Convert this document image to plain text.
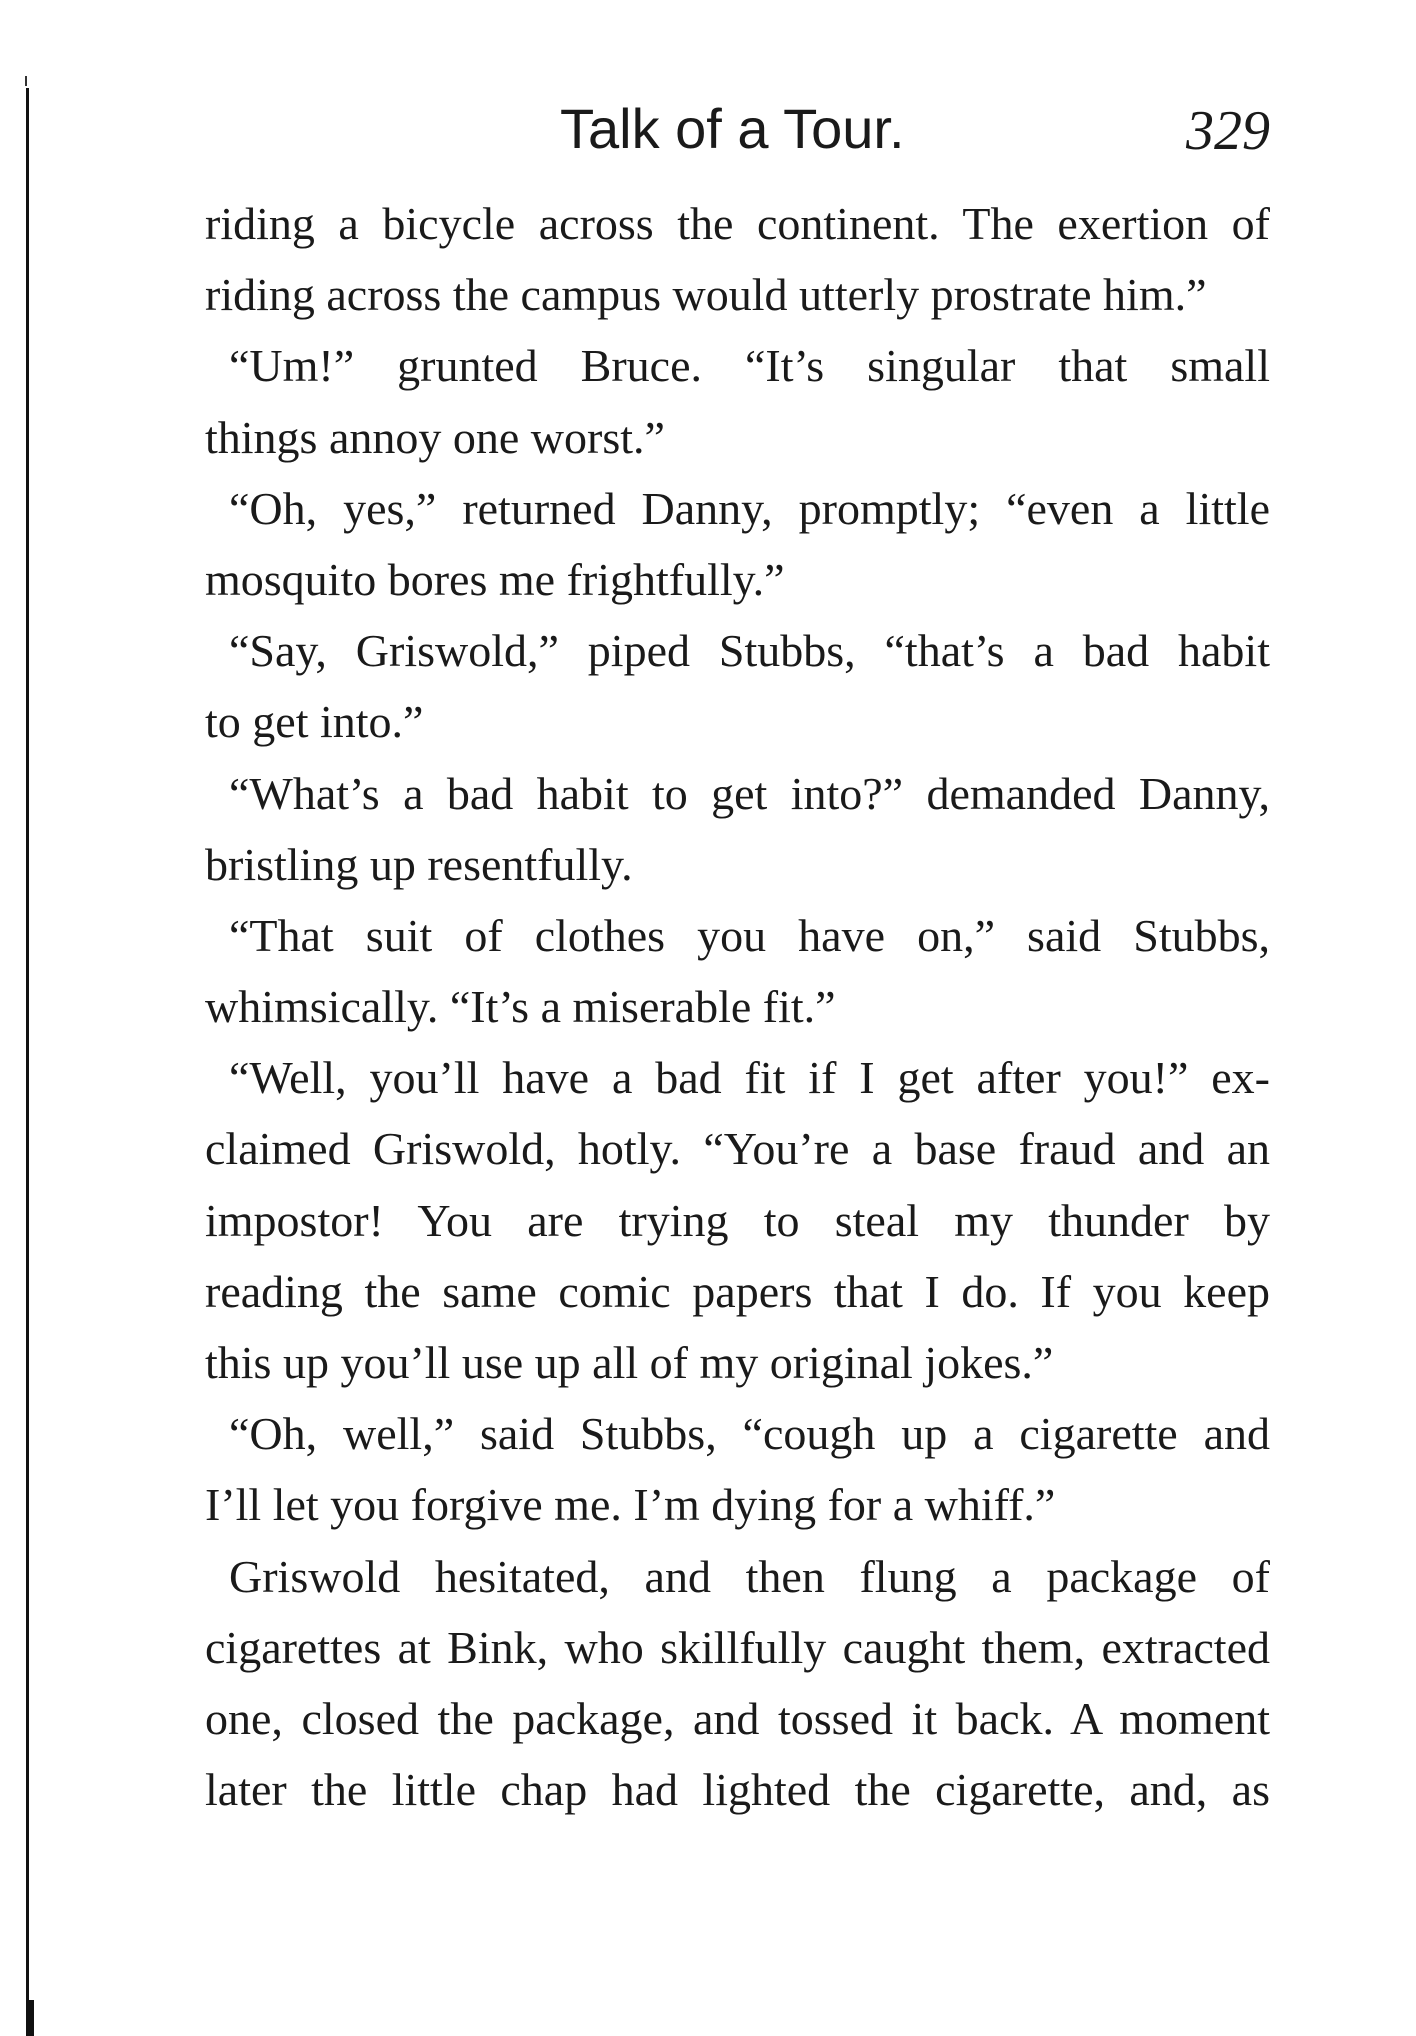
Talk of a Tour.	329
riding a bicycle across the continent. The exertion of
riding across the campus would utterly prostrate him.”
“Um!” grunted Bruce. “It’s singular that small
things annoy one worst.”
“Oh, yes,” returned Danny, promptly; “even a little
mosquito bores me frightfully.”
“Say, Griswold,” piped Stubbs, “that’s a bad habit
to get into.”
“What’s a bad habit to get into?” demanded Danny,
bristling up resentfully.
“That suit of clothes you have on,” said Stubbs,
whimsically. “It’s a miserable fit.”
“Well, you’ll have a bad fit if I get after you!” ex-
claimed Griswold, hotly. “You’re a base fraud and an
impostor! You are trying to steal my thunder by
reading the same comic papers that I do. If you keep
this up you’ll use up all of my original jokes.”
“Oh, well,” said Stubbs, “cough up a cigarette and
I’ll let you forgive me. I’m dying for a whiff.”
Griswold hesitated, and then flung a package of
cigarettes at Bink, who skillfully caught them, extracted
one, closed the package, and tossed it back. A moment
later the little chap had lighted the cigarette, and, as
